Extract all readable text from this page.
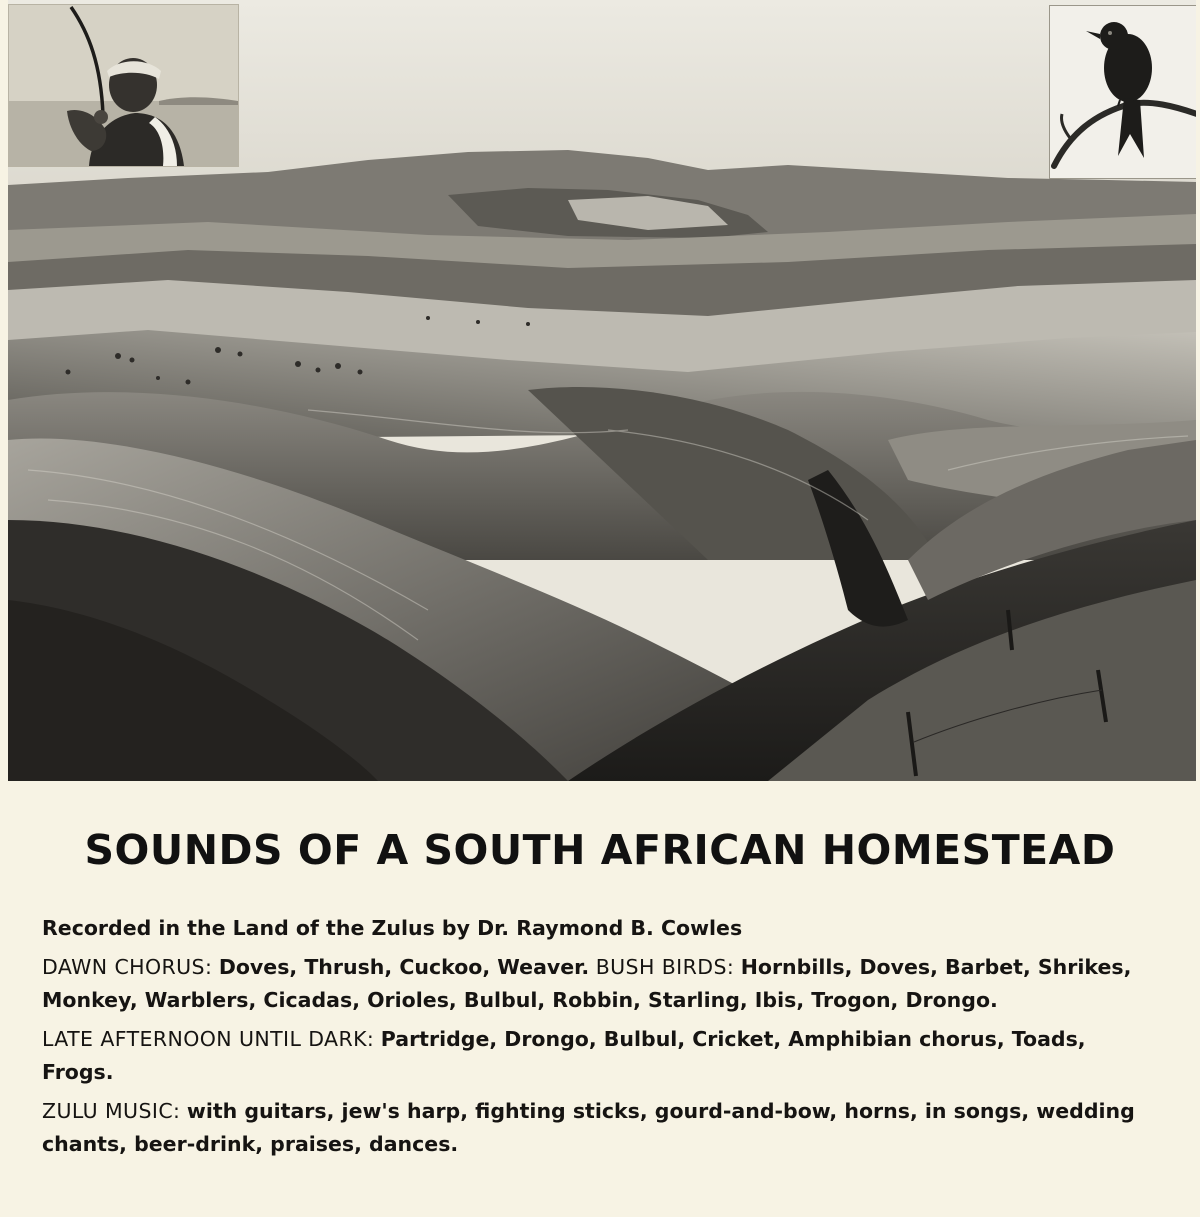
SOUNDS OF A SOUTH AFRICAN HOMESTEAD

Recorded in the Land of the Zulus by Dr. Raymond B. Cowles

DAWN CHORUS: Doves, Thrush, Cuckoo, Weaver. BUSH BIRDS: Hornbills, Doves, Barbet, Shrikes, Monkey, Warblers, Cicadas, Orioles, Bulbul, Robbin, Starling, Ibis, Trogon, Drongo.

LATE AFTERNOON UNTIL DARK: Partridge, Drongo, Bulbul, Cricket, Amphibian chorus, Toads, Frogs.

ZULU MUSIC: with guitars, jew's harp, fighting sticks, gourd-and-bow, horns, in songs, wedding chants, beer-drink, praises, dances.
